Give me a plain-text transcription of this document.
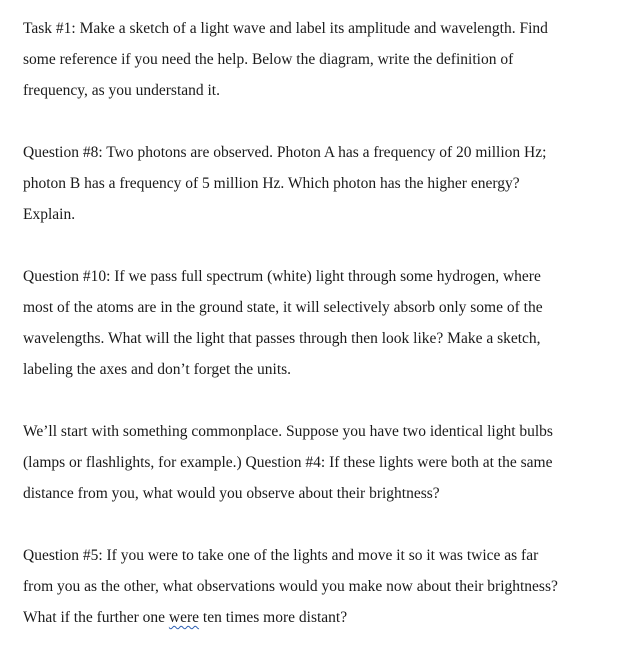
Task #1: Make a sketch of a light wave and label its amplitude and wavelength. Find
some reference if you need the help. Below the diagram, write the definition of
frequency, as you understand it.
Question #8: Two photons are observed. Photon A has a frequency of 20 million Hz;
photon B has a frequency of 5 million Hz. Which photon has the higher energy?
Explain.
Question #10: If we pass full spectrum (white) light through some hydrogen, where
most of the atoms are in the ground state, it will selectively absorb only some of the
wavelengths. What will the light that passes through then look like? Make a sketch,
labeling the axes and don’t forget the units.
We’ll start with something commonplace. Suppose you have two identical light bulbs
(lamps or flashlights, for example.) Question #4: If these lights were both at the same
distance from you, what would you observe about their brightness?
Question #5: If you were to take one of the lights and move it so it was twice as far
from you as the other, what observations would you make now about their brightness?
What if the further one were ten times more distant?
